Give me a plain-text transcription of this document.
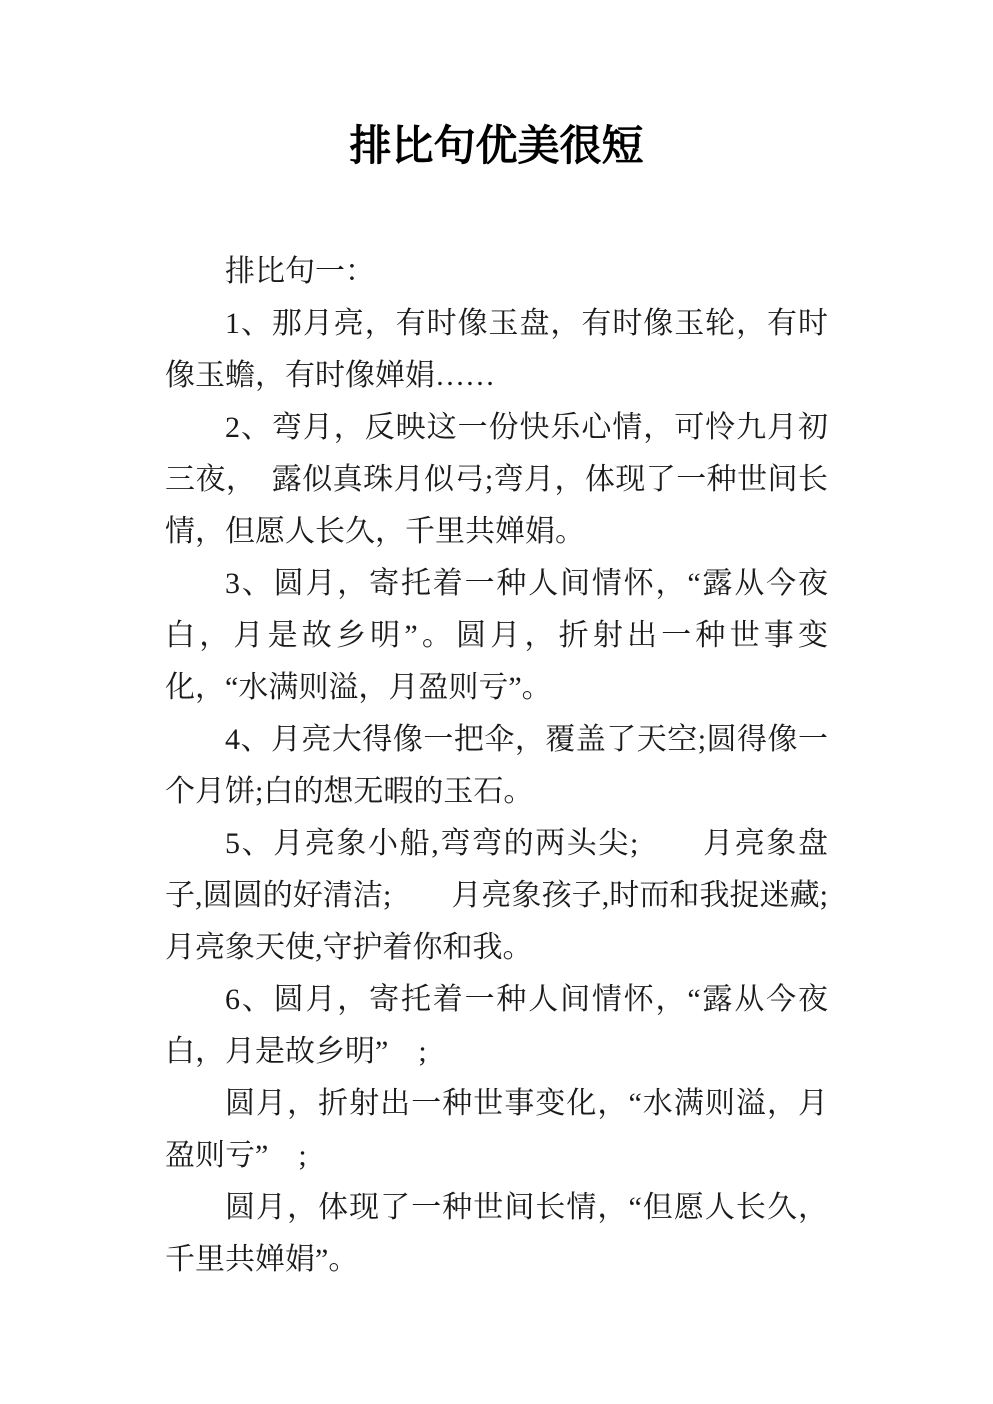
排比句优美很短

排比句一：

1、那月亮，有时像玉盘，有时像玉轮，有时像玉蟾，有时像婵娟……

2、弯月，反映这一份快乐心情，可怜九月初三夜，　露似真珠月似弓;弯月，体现了一种世间长情，但愿人长久，千里共婵娟。

3、圆月，寄托着一种人间情怀，“露从今夜白，月是故乡明”。圆月，折射出一种世事变化，“水满则溢，月盈则亏”。

4、月亮大得像一把伞，覆盖了天空;圆得像一个月饼;白的想无暇的玉石。

5、月亮象小船,弯弯的两头尖;　　月亮象盘子,圆圆的好清洁;　　月亮象孩子,时而和我捉迷藏;　　月亮象天使,守护着你和我。

6、圆月，寄托着一种人间情怀，“露从今夜白，月是故乡明”　;

圆月，折射出一种世事变化，“水满则溢，月盈则亏”　;

圆月，体现了一种世间长情，“但愿人长久，千里共婵娟”。
